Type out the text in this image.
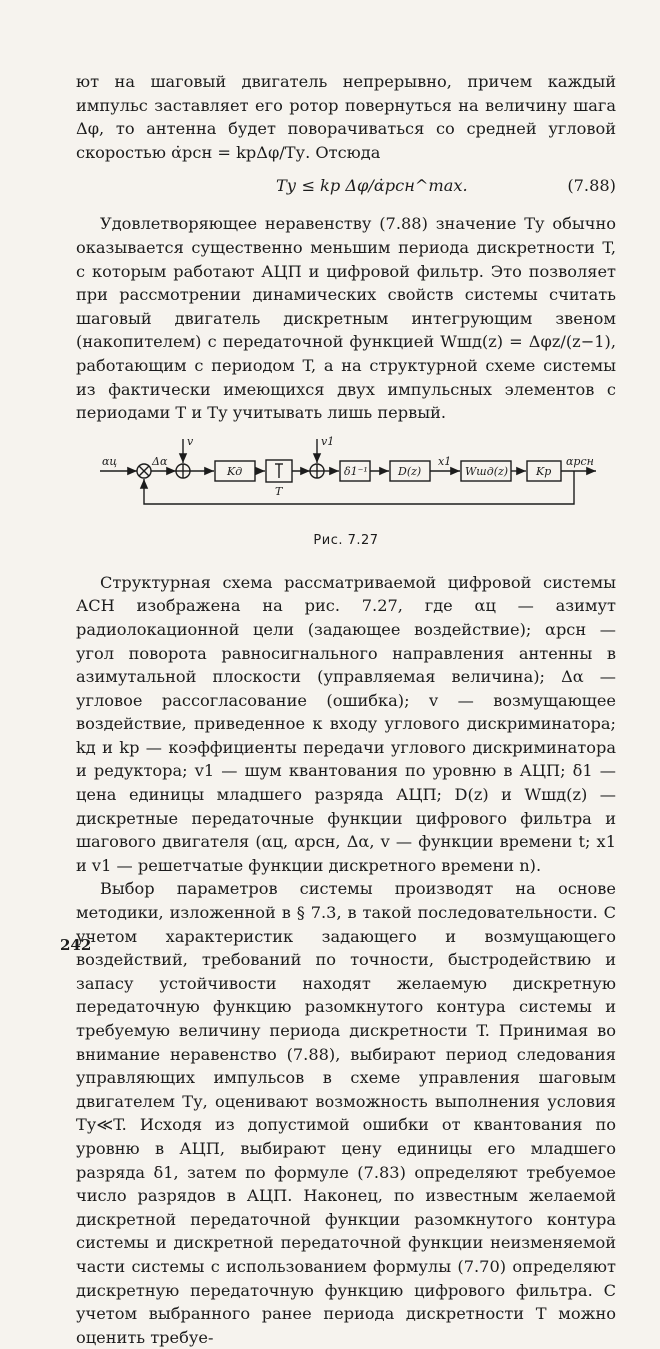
ют на шаговый двигатель непрерывно, причем каждый импульс заставляет его ротор повернуться на величину шага Δφ, то антенна будет поворачиваться со средней угловой скоростью α̇рсн = kрΔφ/Tу. Отсюда

Tу ≤ kр Δφ/α̇рсн^max.	(7.88)

Удовлетворяющее неравенству (7.88) значение Tу обычно оказывается существенно меньшим периода дискретности T, с которым работают АЦП и цифровой фильтр. Это позволяет при рассмотрении динамических свойств системы считать шаговый двигатель дискретным интегрующим звеном (накопителем) с передаточной функцией Wшд(z) = Δφz/(z−1), работающим с периодом T, а на структурной схеме системы из фактически имеющихся двух импульсных элементов с периодами T и Tу учитывать лишь первый.

αц	Δα
v
Kд
T
v1
δ1⁻¹	D(z)
x1
Wшд(z)	Kр
αрсн
Рис. 7.27

Структурная схема рассматриваемой цифровой системы АСН изображена на рис. 7.27, где αц — азимут радиолокационной цели (задающее воздействие); αрсн — угол поворота равносигнального направления антенны в азимутальной плоскости (управляемая величина); Δα — угловое рассогласование (ошибка); v — возмущающее воздействие, приведенное к входу углового дискриминатора; kд и kр — коэффициенты передачи углового дискриминатора и редуктора; v1 — шум квантования по уровню в АЦП; δ1 — цена единицы младшего разряда АЦП; D(z) и Wшд(z) — дискретные передаточные функции цифрового фильтра и шагового двигателя (αц, αрсн, Δα, v — функции времени t; x1 и v1 — решетчатые функции дискретного времени n).

Выбор параметров системы производят на основе методики, изложенной в § 7.3, в такой последовательности. С учетом характеристик задающего и возмущающего воздействий, требований по точности, быстродействию и запасу устойчивости находят желаемую дискретную передаточную функцию разомкнутого контура системы и требуемую величину периода дискретности T. Принимая во внимание неравенство (7.88), выбирают период следования управляющих импульсов в схеме управления шаговым двигателем Tу, оценивают возможность выполнения условия Tу≪T. Исходя из допустимой ошибки от квантования по уровню в АЦП, выбирают цену единицы его младшего разряда δ1, затем по формуле (7.83) определяют требуемое число разрядов в АЦП. Наконец, по известным желаемой дискретной передаточной функции разомкнутого контура системы и дискретной передаточной функции неизменяемой части системы с использованием формулы (7.70) определяют дискретную передаточную функцию цифрового фильтра. С учетом выбранного ранее периода дискретности T можно оценить требуе-

242
